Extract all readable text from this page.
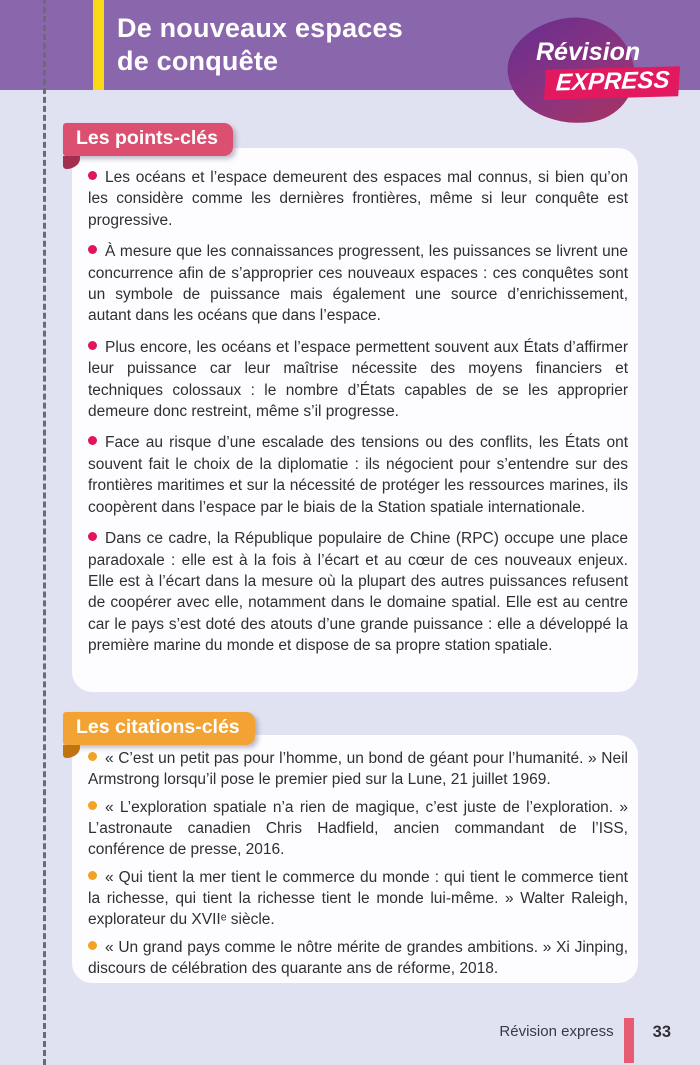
De nouveaux espaces
de conquête	Révision
EXPRESS
Les points-clés

Les océans et l’espace demeurent des espaces mal connus, si bien qu’on les considère comme les dernières frontières, même si leur conquête est progressive.

À mesure que les connaissances progressent, les puissances se livrent une concurrence afin de s’approprier ces nouveaux espaces : ces conquêtes sont un symbole de puissance mais également une source d’enrichissement, autant dans les océans que dans l’espace.

Plus encore, les océans et l’espace permettent souvent aux États d’affirmer leur puissance car leur maîtrise nécessite des moyens financiers et techniques colossaux : le nombre d’États capables de se les approprier demeure donc restreint, même s’il progresse.

Face au risque d’une escalade des tensions ou des conflits, les États ont souvent fait le choix de la diplomatie : ils négocient pour s’entendre sur des frontières maritimes et sur la nécessité de protéger les ressources marines, ils coopèrent dans l’espace par le biais de la Station spatiale internationale.

Dans ce cadre, la République populaire de Chine (RPC) occupe une place paradoxale : elle est à la fois à l’écart et au cœur de ces nouveaux enjeux. Elle est à l’écart dans la mesure où la plupart des autres puissances refusent de coopérer avec elle, notamment dans le domaine spatial. Elle est au centre car le pays s’est doté des atouts d’une grande puissance : elle a développé la première marine du monde et dispose de sa propre station spatiale.

Les citations-clés

« C’est un petit pas pour l’homme, un bond de géant pour l’humanité. » Neil Armstrong lorsqu’il pose le premier pied sur la Lune, 21 juillet 1969.

« L’exploration spatiale n’a rien de magique, c’est juste de l’exploration. » L’astronaute canadien Chris Hadfield, ancien commandant de l’ISS, conférence de presse, 2016.

« Qui tient la mer tient le commerce du monde : qui tient le commerce tient la richesse, qui tient la richesse tient le monde lui-même. » Walter Raleigh, explorateur du XVIIᵉ siècle.

« Un grand pays comme le nôtre mérite de grandes ambitions. » Xi Jinping, discours de célébration des quarante ans de réforme, 2018.

Révision express 33
